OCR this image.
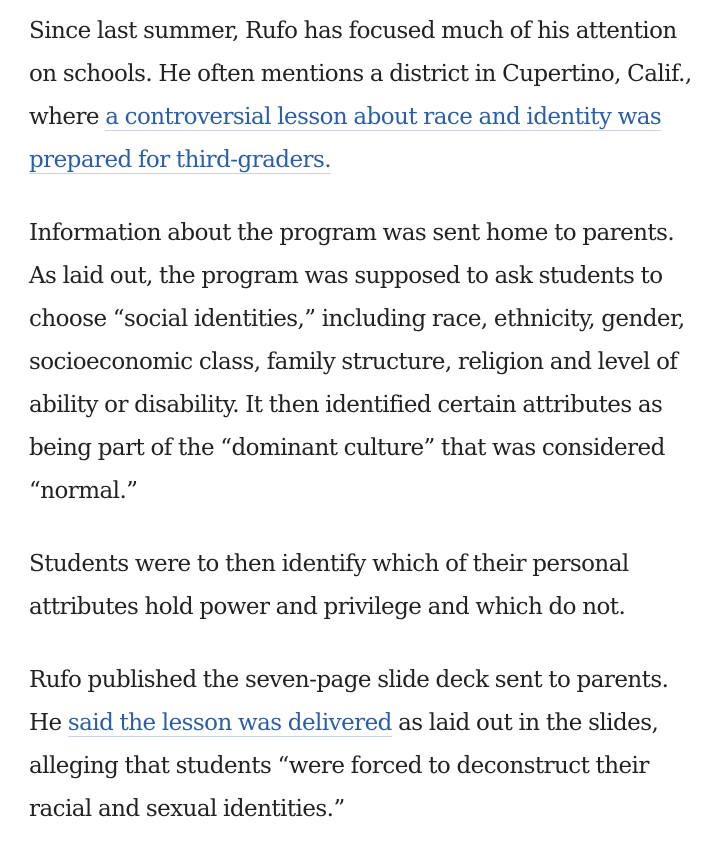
Since last summer, Rufo has focused much of his attention on schools. He often mentions a district in Cupertino, Calif., where a controversial lesson about race and identity was prepared for third-graders.

Information about the program was sent home to parents. As laid out, the program was supposed to ask students to choose “social identities,” including race, ethnicity, gender, socioeconomic class, family structure, religion and level of ability or disability. It then identified certain attributes as being part of the “dominant culture” that was considered “normal.”

Students were to then identify which of their personal attributes hold power and privilege and which do not.

Rufo published the seven-page slide deck sent to parents. He said the lesson was delivered as laid out in the slides, alleging that students “were forced to deconstruct their racial and sexual identities.”
